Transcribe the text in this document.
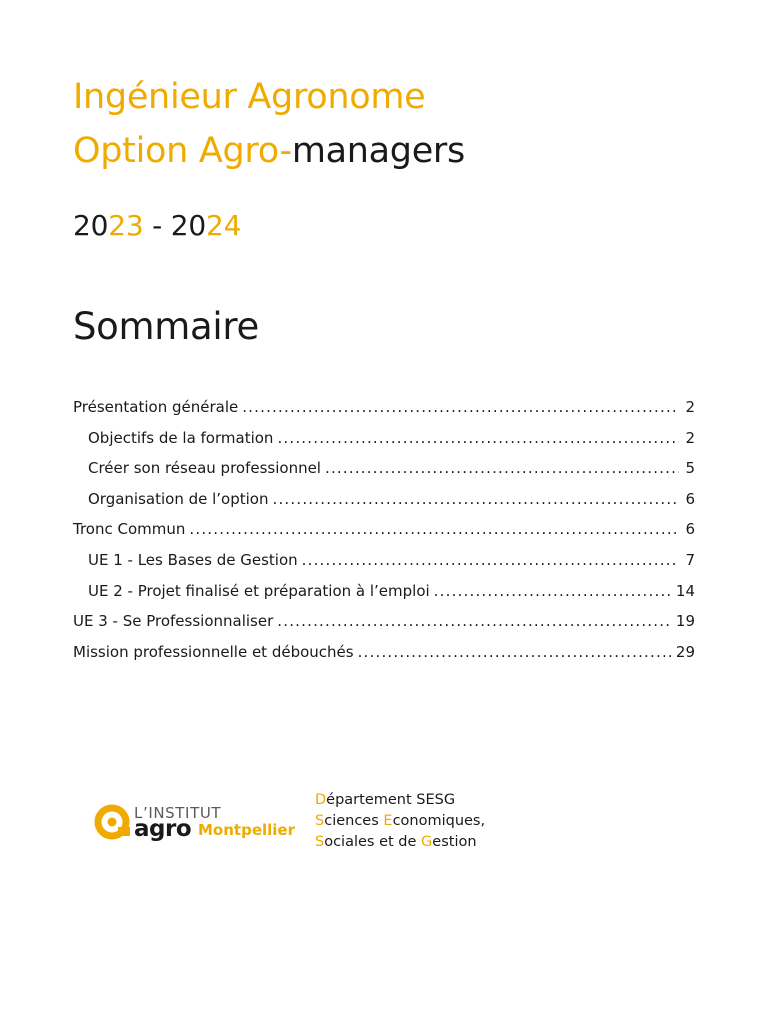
Ingénieur Agronome
Option Agro-managers
2023 - 2024
Sommaire
Présentation générale .....	2
Objectifs de la formation .....	2
Créer son réseau professionnel .....	5
Organisation de l’option .....	6
Tronc Commun .....	6
UE 1 - Les Bases de Gestion .....	7
UE 2 - Projet finalisé et préparation à l’emploi .....	14
UE 3 - Se Professionnaliser .....	19
Mission professionnelle et débouchés .....	29
L’INSTITUT
agro Montpellier
Département SESG
Sciences Economiques,
Sociales et de Gestion
